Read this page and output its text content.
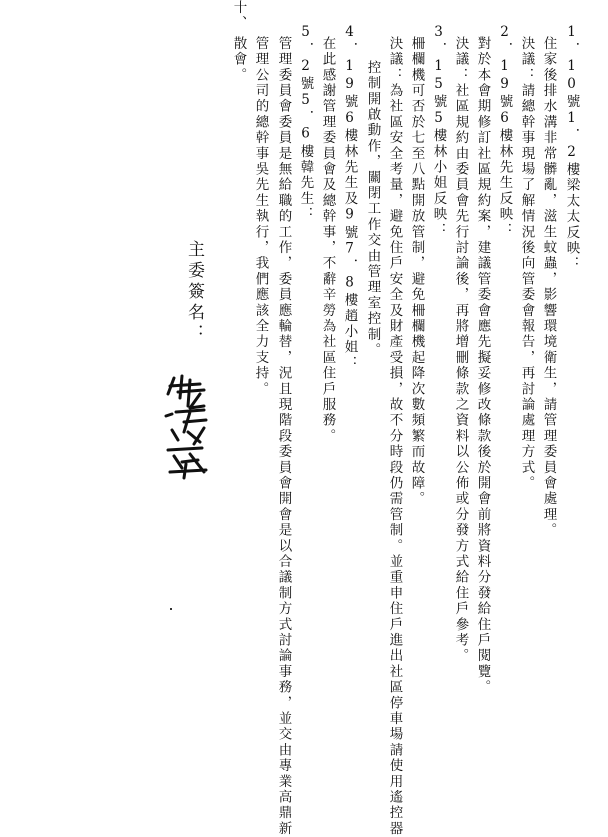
1．10號1．2樓梁太太反映：
住家後排水溝非常髒亂，滋生蚊蟲，影響環境衛生，請管理委員會處理。
決議：請總幹事現場了解情況後向管委會報告，再討論處理方式。
2．19號6樓林先生反映：
對於本會期修訂社區規約案，建議管委會應先擬妥修改條款後於開會前將資料分發給住戶閱覽。
決議：社區規約由委員會先行討論後，再將增刪條款之資料以公佈或分發方式給住戶參考。
3．15號5樓林小姐反映：
柵欄機可否於七至八點開放管制，避免柵欄機起降次數頻繁而故障。
決議：為社區安全考量，避免住戶安全及財產受損，故不分時段仍需管制。並重申住戶進出社區停車場請使用遙控器
控制開啟動作，關閉工作交由管理室控制。
4．19號6樓林先生及9號7．8樓趙小姐：
在此感謝管理委員會及總幹事，不辭辛勞為社區住戶服務。
5．2號5．6樓韓先生：
管理委員會委員是無給職的工作，委員應輪替，況且現階段委員會開會是以合議制方式討論事務，並交由專業高鼎新
管理公司的總幹事吳先生執行，我們應該全力支持。
十、
散會。
主委簽名：
